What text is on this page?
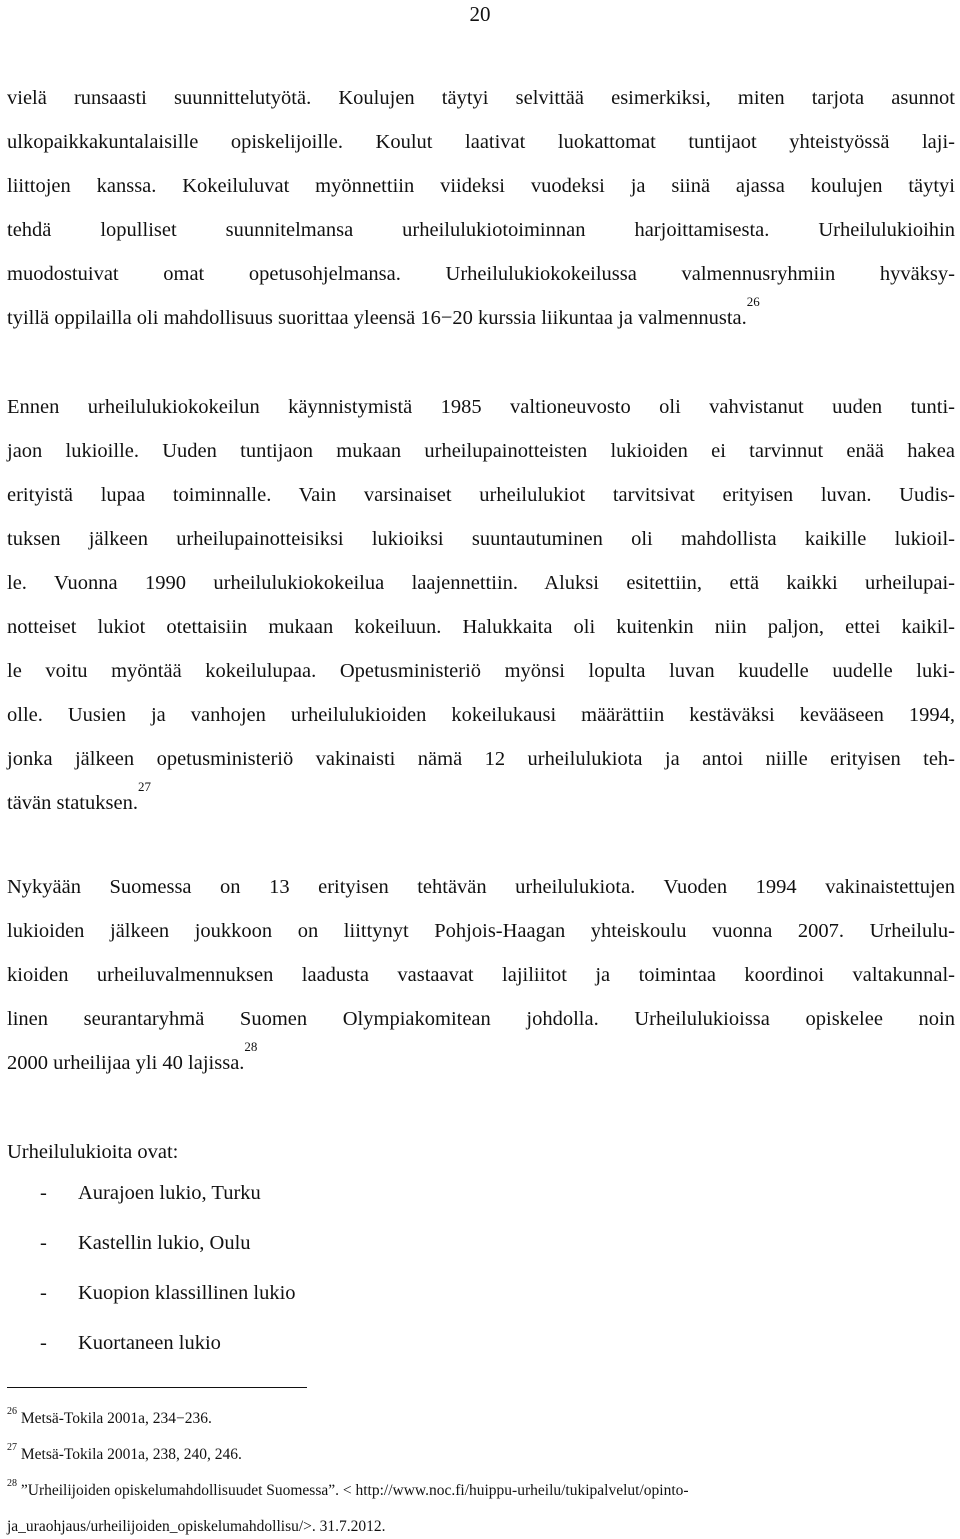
20
vielä runsaasti suunnittelutyötä. Koulujen täytyi selvittää esimerkiksi, miten tarjota asunnot
ulkopaikkakuntalaisille opiskelijoille. Koulut laativat luokattomat tuntijaot yhteistyössä laji-
liittojen kanssa. Kokeiluluvat myönnettiin viideksi vuodeksi ja siinä ajassa koulujen täytyi
tehdä lopulliset suunnitelmansa urheilulukiotoiminnan harjoittamisesta. Urheilulukioihin
muodostuivat omat opetusohjelmansa. Urheilulukiokokeilussa valmennusryhmiin hyväksy-
tyillä oppilailla oli mahdollisuus suorittaa yleensä 16−20 kurssia liikuntaa ja valmennusta.$^{26}$
Ennen urheilulukiokokeilun käynnistymistä 1985 valtioneuvosto oli vahvistanut uuden tunti-
jaon lukioille. Uuden tuntijaon mukaan urheilupainotteisten lukioiden ei tarvinnut enää hakea
erityistä lupaa toiminnalle. Vain varsinaiset urheilulukiot tarvitsivat erityisen luvan. Uudis-
tuksen jälkeen urheilupainotteisiksi lukioiksi suuntautuminen oli mahdollista kaikille lukioil-
le. Vuonna 1990 urheilulukiokokeilua laajennettiin. Aluksi esitettiin, että kaikki urheilupai-
notteiset lukiot otettaisiin mukaan kokeiluun. Halukkaita oli kuitenkin niin paljon, ettei kaikil-
le voitu myöntää kokeilulupaa. Opetusministeriö myönsi lopulta luvan kuudelle uudelle luki-
olle. Uusien ja vanhojen urheilulukioiden kokeilukausi määrättiin kestäväksi kevääseen 1994,
jonka jälkeen opetusministeriö vakinaisti nämä 12 urheilulukiota ja antoi niille erityisen teh-
tävän statuksen.$^{27}$
Nykyään Suomessa on 13 erityisen tehtävän urheilulukiota. Vuoden 1994 vakinaistettujen
lukioiden jälkeen joukkoon on liittynyt Pohjois-Haagan yhteiskoulu vuonna 2007. Urheilulu-
kioiden urheiluvalmennuksen laadusta vastaavat lajiliitot ja toimintaa koordinoi valtakunnal-
linen seurantaryhmä Suomen Olympiakomitean johdolla. Urheilulukioissa opiskelee noin
2000 urheilijaa yli 40 lajissa.$^{28}$
Urheilulukioita ovat:
- Aurajoen lukio, Turku
- Kastellin lukio, Oulu
- Kuopion klassillinen lukio
- Kuortaneen lukio

$^{26}$ Metsä-Tokila 2001a, 234−236.

$^{27}$ Metsä-Tokila 2001a, 238, 240, 246.

$^{28}$ ”Urheilijoiden opiskelumahdollisuudet Suomessa”. < http://www.noc.fi/huippu-urheilu/tukipalvelut/opinto-
ja_uraohjaus/urheilijoiden_opiskelumahdollisu/>. 31.7.2012.
